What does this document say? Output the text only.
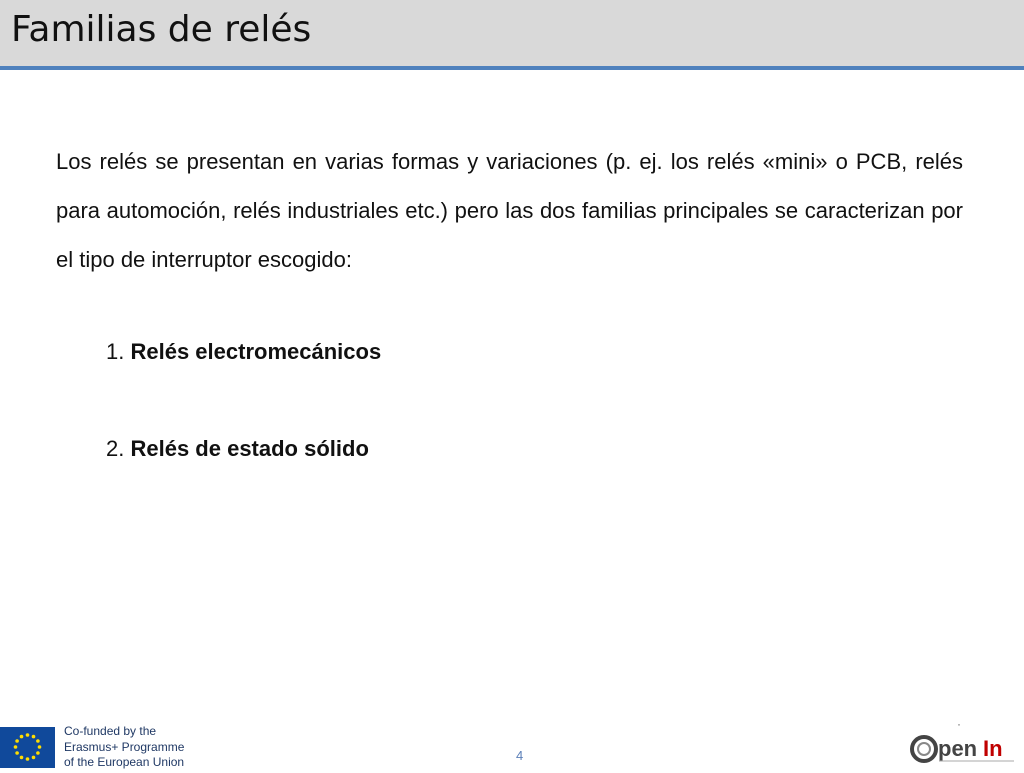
Familias de relés
Los relés se presentan en varias formas y variaciones (p. ej. los relés «mini» o PCB, relés para automoción, relés industriales etc.) pero las dos familias principales se caracterizan por el tipo de interruptor escogido:
1. Relés electromecánicos
2. Relés de estado sólido
Co-funded by the
Erasmus+ Programme
of the European Union	4
·
pen In
